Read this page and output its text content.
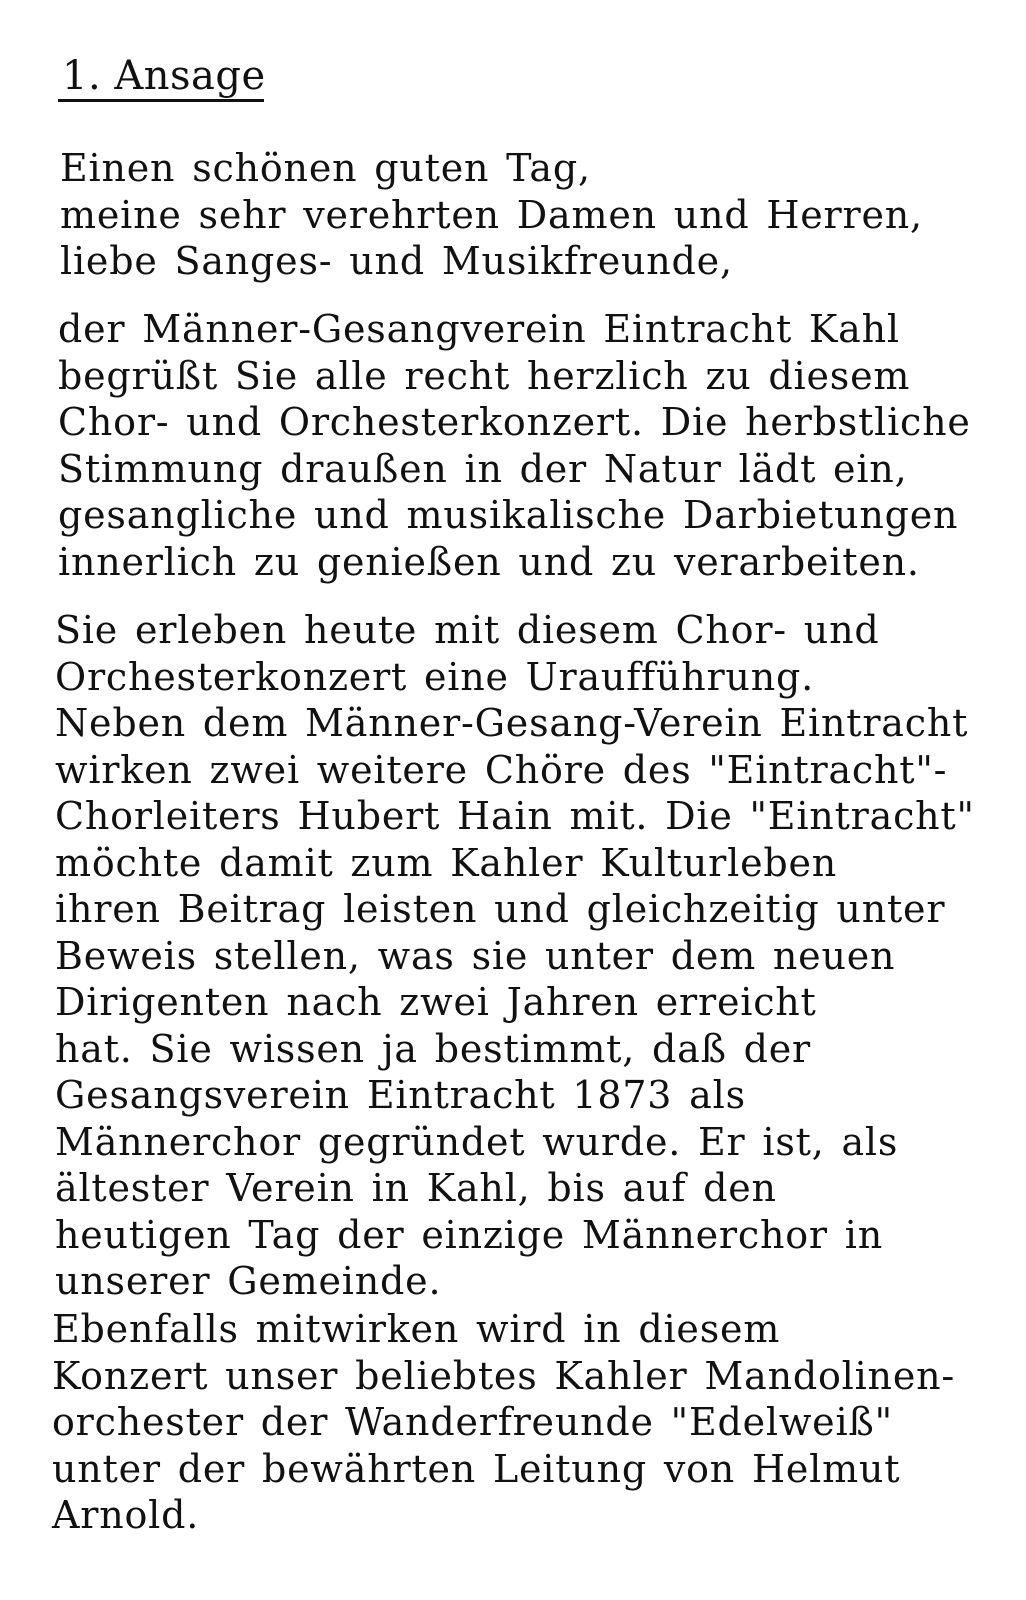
1. Ansage

Einen schönen guten Tag,
meine sehr verehrten Damen und Herren,
liebe Sanges- und Musikfreunde,

der Männer-Gesangverein Eintracht Kahl
begrüßt Sie alle recht herzlich zu diesem
Chor- und Orchesterkonzert. Die herbstliche
Stimmung draußen in der Natur lädt ein,
gesangliche und musikalische Darbietungen
innerlich zu genießen und zu verarbeiten.

Sie erleben heute mit diesem Chor- und
Orchesterkonzert eine Uraufführung.
Neben dem Männer-Gesang-Verein Eintracht
wirken zwei weitere Chöre des "Eintracht"-
Chorleiters Hubert Hain mit. Die "Eintracht"
möchte damit zum Kahler Kulturleben
ihren Beitrag leisten und gleichzeitig unter
Beweis stellen, was sie unter dem neuen
Dirigenten nach zwei Jahren erreicht
hat. Sie wissen ja bestimmt, daß der
Gesangsverein Eintracht 1873 als
Männerchor gegründet wurde. Er ist, als
ältester Verein in Kahl, bis auf den
heutigen Tag der einzige Männerchor in
unserer Gemeinde.

Ebenfalls mitwirken wird in diesem
Konzert unser beliebtes Kahler Mandolinen-
orchester der Wanderfreunde "Edelweiß"
unter der bewährten Leitung von Helmut
Arnold.
